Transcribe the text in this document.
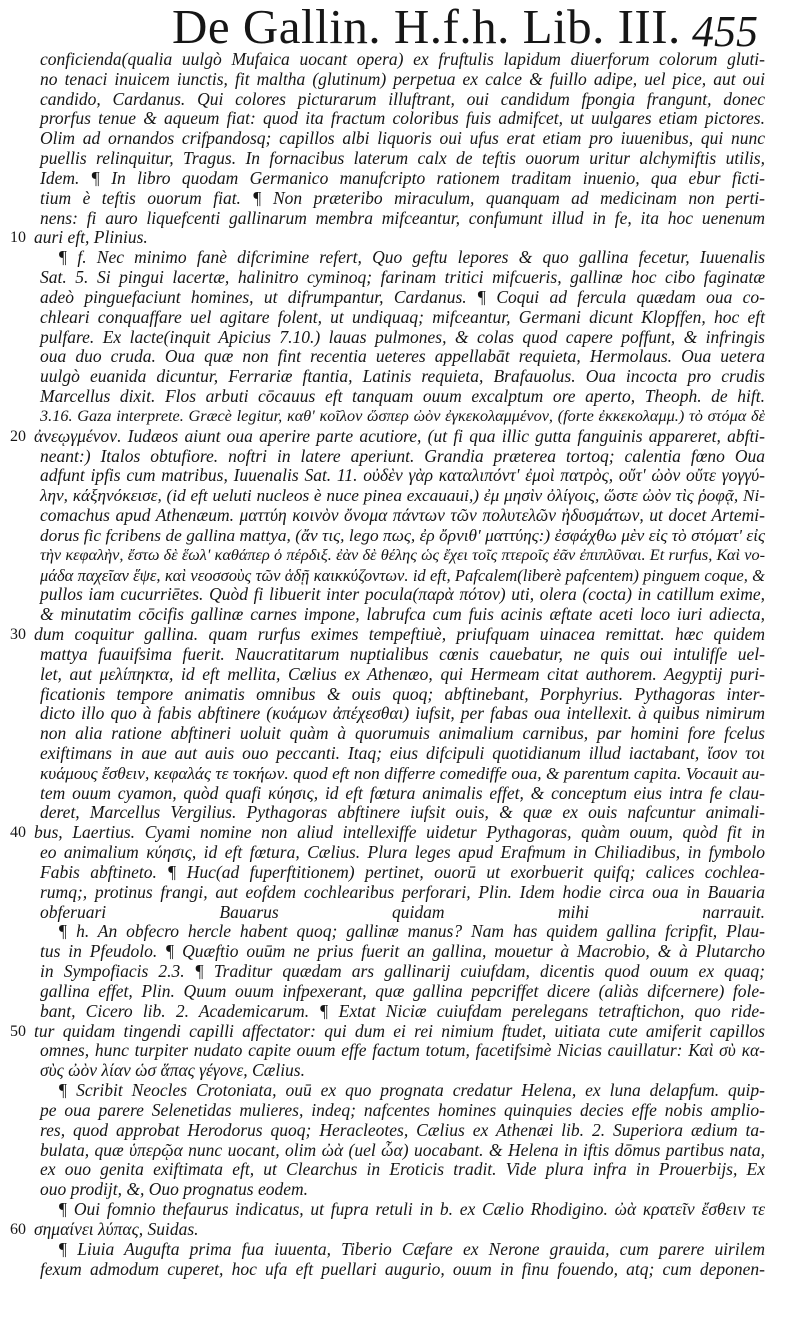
De Gallin. H.f.h. Lib. III. 455
conficienda(qualia uulgò Mufaica uocant opera) ex fruftulis lapidum diuerforum colorum gluti-
no tenaci inuicem iunctis, fit maltha (glutinum) perpetua ex calce & fuillo adipe, uel pice, aut oui
candido, Cardanus. Qui colores picturarum illuftrant, oui candidum fpongia frangunt, donec
prorfus tenue & aqueum fiat: quod ita fractum coloribus fuis admifcet, ut uulgares etiam pictores.
Olim ad ornandos crifpandosq; capillos albi liquoris oui ufus erat etiam pro iuuenibus, qui nunc
puellis relinquitur, Tragus. In fornacibus laterum calx de teftis ouorum uritur alchymiftis utilis,
Idem. ¶ In libro quodam Germanico manufcripto rationem traditam inuenio, qua ebur ficti-
tium è teftis ouorum fiat. ¶ Non præteribo miraculum, quanquam ad medicinam non perti-
nens: fi auro liquefcenti gallinarum membra mifceantur, confumunt illud in fe, ita hoc uenenum
10 auri eft, Plinius.
¶ f. Nec minimo fanè difcrimine refert, Quo geftu lepores & quo gallina fecetur, Iuuenalis
Sat. 5. Si pingui lacertæ, halinitro cyminoq; farinam tritici mifcueris, gallinæ hoc cibo faginatæ
adeò pinguefaciunt homines, ut difrumpantur, Cardanus. ¶ Coqui ad fercula quædam oua co-
chleari conquaffare uel agitare folent, ut undiquaq; mifceantur, Germani dicunt Klopffen, hoc eft
pulfare. Ex lacte(inquit Apicius 7.10.) lauas pulmones, & colas quod capere poffunt, & infringis
oua duo cruda. Oua quæ non fint recentia ueteres appellabāt requieta, Hermolaus. Oua uetera
uulgò euanida dicuntur, Ferrariæ ftantia, Latinis requieta, Brafauolus. Oua incocta pro crudis
Marcellus dixit. Flos arbuti cōcauus eft tanquam ouum excalptum ore aperto, Theoph. de hift.
3.16. Gaza interprete. Græcè legitur, καθ' κοῖλον ὥσπερ ὠὸν ἐγκεκολαμμένον, (forte ἐκκεκολαμμ.) τὸ στόμα δὲ
20 ἀνεῳγμένον. Iudæos aiunt oua aperire parte acutiore, (ut fi qua illic gutta fanguinis appareret, abfti-
neant:) Italos obtufiore. noftri in latere aperiunt. Grandia præterea tortoq; calentia fœno Oua
adfunt ipfis cum matribus, Iuuenalis Sat. 11. οὐδὲν γὰρ καταλιπόντ' ἐμοὶ πατρὸς, οὔτ' ὠὸν οὔτε γογγύ-
λην, κάξηνόκεισε, (id eft ueluti nucleos è nuce pinea excauaui,) ἐμ μησὶν ὀλίγοις, ὥστε ὠὸν τὶς ῥοφᾷ, Ni-
comachus apud Athenæum. ματτύη κοινὸν ὄνομα πάντων τῶν πολυτελῶν ἠδυσμάτων, ut docet Artemi-
dorus fic fcribens de gallina mattya, (ἄν τις, lego πως, ἐρ ὄρνιθ' ματτύης:) ἐσφάχθω μὲν εἰς τὸ στόματ' εἰς
τὴν κεφαλὴν, ἔστω δὲ ἕωλ' καθάπερ ὁ πέρδιξ. ἐὰν δὲ θέλης ὡς ἔχει τοῖς πτεροῖς ἐᾶν ἐπιπλῦναι. Et rurfus, Καὶ νο-
μάδα παχεῖαν ἕψε, καὶ νεοσσοὺς τῶν ἁδῇ καικκύζοντων. id eft, Pafcalem(liberè pafcentem) pinguem coque, &
pullos iam cucurriētes. Quòd fi libuerit inter pocula(παρὰ πότον) uti, olera (cocta) in catillum exime,
& minutatim cōcifis gallinæ carnes impone, labrufca cum fuis acinis æftate aceti loco iuri adiecta,
30 dum coquitur gallina. quam rurfus eximes tempeftiuè, priufquam uinacea remittat. hæc quidem
mattya fuauifsima fuerit. Naucratitarum nuptialibus cœnis cauebatur, ne quis oui intulifſe uel-
let, aut μελίπηκτα, id eft mellita, Cælius ex Athenæo, qui Hermeam citat authorem. Aegyptij puri-
ficationis tempore animatis omnibus & ouis quoq; abftinebant, Porphyrius. Pythagoras inter-
dicto illo quo à fabis abftinere (κυάμων ἀπέχεσθαι) iufsit, per fabas oua intellexit. à quibus nimirum
non alia ratione abftineri uoluit quàm à quorumuis animalium carnibus, par homini fore fcelus
exiftimans in aue aut auis ouo peccanti. Itaq; eius difcipuli quotidianum illud iactabant, ἴσον τοι
κυάμους ἔσθειν, κεφαλάς τε τοκήων. quod eft non differre comediffe oua, & parentum capita. Vocauit au-
tem ouum cyamon, quòd quafi κύησις, id eft fœtura animalis effet, & conceptum eius intra fe clau-
deret, Marcellus Vergilius. Pythagoras abftinere iufsit ouis, & quæ ex ouis nafcuntur animali-
40 bus, Laertius. Cyami nomine non aliud intellexiffe uidetur Pythagoras, quàm ouum, quòd fit in
eo animalium κύησις, id eft fœtura, Cælius. Plura leges apud Erafmum in Chiliadibus, in fymbolo
Fabis abftineto. ¶ Huc(ad fuperftitionem) pertinet, ouorū ut exorbuerit quifq; calices cochlea-
rumq;, protinus frangi, aut eofdem cochlearibus perforari, Plin. Idem hodie circa oua in Bauaria
obferuari Bauarus quidam mihi narrauit.
¶ h. An obfecro hercle habent quoq; gallinæ manus? Nam has quidem gallina fcripfit, Plau-
tus in Pfeudolo. ¶ Quæftio ouūm ne prius fuerit an gallina, mouetur à Macrobio, & à Plutarcho
in Sympofiacis 2.3. ¶ Traditur quædam ars gallinarij cuiufdam, dicentis quod ouum ex quaq;
gallina effet, Plin. Quum ouum infpexerant, quæ gallina pepcriffet dicere (aliàs difcernere) fole-
bant, Cicero lib. 2. Academicarum. ¶ Extat Niciæ cuiufdam perelegans tetraftichon, quo ride-
50 tur quidam tingendi capilli affectator: qui dum ei rei nimium ftudet, uitiata cute amiferit capillos
omnes, hunc turpiter nudato capite ouum effe factum totum, facetifsimè Nicias cauillatur: Καὶ σὺ κα-
σὺς ὠὸν λίαν ὡσ ἅπας γέγονε, Cælius.
¶ Scribit Neocles Crotoniata, ouū ex quo prognata credatur Helena, ex luna delapfum. quip-
pe oua parere Selenetidas mulieres, indeq; nafcentes homines quinquies decies effe nobis amplio-
res, quod approbat Herodorus quoq; Heracleotes, Cælius ex Athenæi lib. 2. Superiora ædium ta-
bulata, quæ ὑπερῷα nunc uocant, olim ὠὰ (uel ὦα) uocabant. & Helena in iftis dōmus partibus nata,
ex ouo genita exiftimata eft, ut Clearchus in Eroticis tradit. Vide plura infra in Prouerbijs, Ex
ouo prodijt, &, Ouo prognatus eodem.
¶ Oui fomnio thefaurus indicatus, ut fupra retuli in b. ex Cælio Rhodigino. ὠὰ κρατεῖν ἔσθειν τε
60 σημαίνει λύπας, Suidas.
¶ Liuia Augufta prima fua iuuenta, Tiberio Cæfare ex Nerone grauida, cum parere uirilem
fexum admodum cuperet, hoc ufa eft puellari augurio, ouum in finu fouendo, atq; cum deponen-
